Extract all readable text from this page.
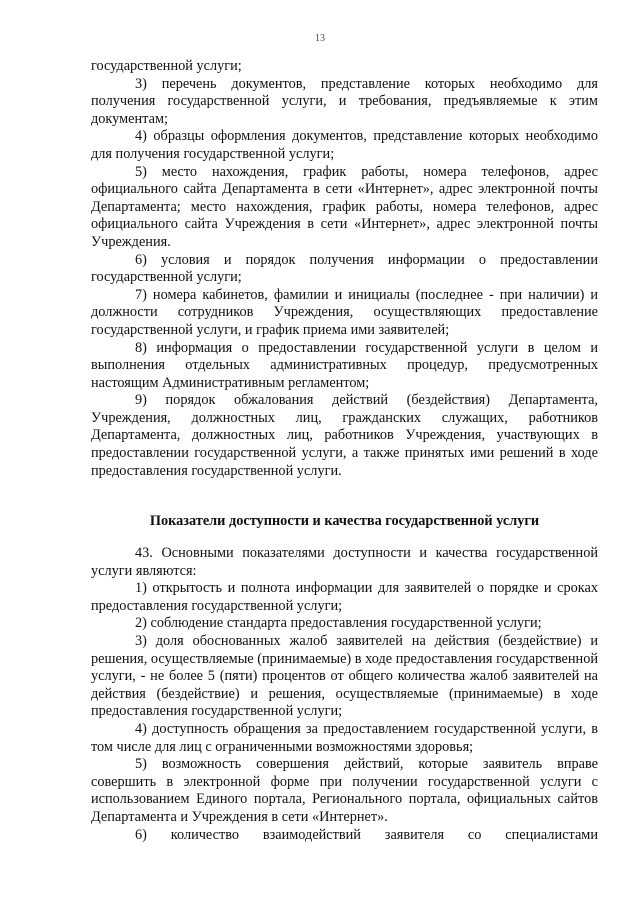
13

государственной услуги;

3) перечень документов, представление которых необходимо для получения государственной услуги, и требования, предъявляемые к этим документам;

4) образцы оформления документов, представление которых необходимо для получения государственной услуги;

5) место нахождения, график работы, номера телефонов, адрес официального сайта Департамента в сети «Интернет», адрес электронной почты Департамента; место нахождения, график работы, номера телефонов, адрес официального сайта Учреждения в сети «Интернет», адрес электронной почты Учреждения.

6) условия и порядок получения информации о предоставлении государственной услуги;

7) номера кабинетов, фамилии и инициалы (последнее - при наличии) и должности сотрудников Учреждения, осуществляющих предоставление государственной услуги, и график приема ими заявителей;

8) информация о предоставлении государственной услуги в целом и выполнения отдельных административных процедур, предусмотренных настоящим Административным регламентом;

9) порядок обжалования действий (бездействия) Департамента, Учреждения, должностных лиц, гражданских служащих, работников Департамента, должностных лиц, работников Учреждения, участвующих в предоставлении государственной услуги, а также принятых ими решений в ходе предоставления государственной услуги.

Показатели доступности и качества государственной услуги

43. Основными показателями доступности и качества государственной услуги являются:

1) открытость и полнота информации для заявителей о порядке и сроках предоставления государственной услуги;

2) соблюдение стандарта предоставления государственной услуги;

3) доля обоснованных жалоб заявителей на действия (бездействие) и решения, осуществляемые (принимаемые) в ходе предоставления государственной услуги, - не более 5 (пяти) процентов от общего количества жалоб заявителей на действия (бездействие) и решения, осуществляемые (принимаемые) в ходе предоставления государственной услуги;

4) доступность обращения за предоставлением государственной услуги, в том числе для лиц с ограниченными возможностями здоровья;

5) возможность совершения действий, которые заявитель вправе совершить в электронной форме при получении государственной услуги с использованием Единого портала, Регионального портала, официальных сайтов Департамента и Учреждения в сети «Интернет».

6) количество взаимодействий заявителя со специалистами
